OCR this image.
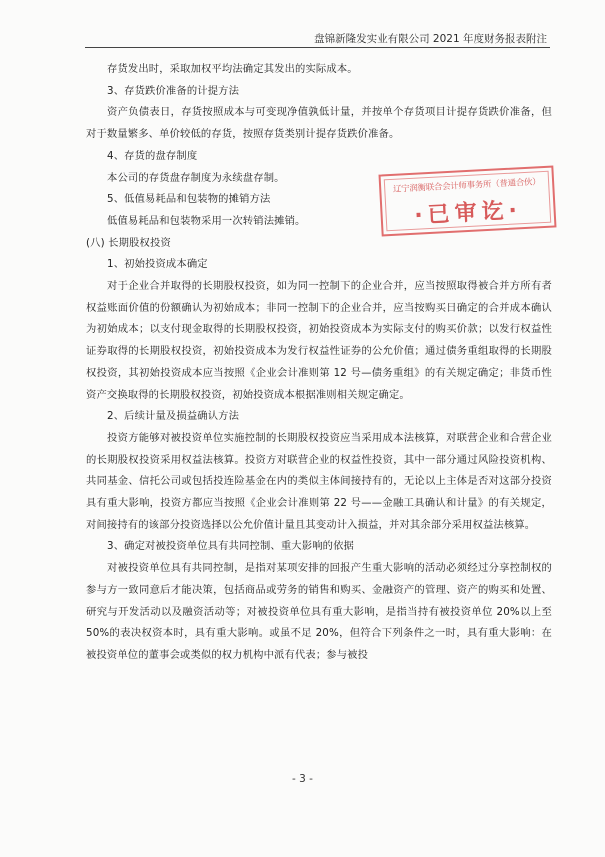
盘锦新隆发实业有限公司 2021 年度财务报表附注

存货发出时，采取加权平均法确定其发出的实际成本。

3、存货跌价准备的计提方法

资产负债表日，存货按照成本与可变现净值孰低计量，并按单个存货项目计提存货跌价准备，但对于数量繁多、单价较低的存货，按照存货类别计提存货跌价准备。

4、存货的盘存制度

本公司的存货盘存制度为永续盘存制。

5、低值易耗品和包装物的摊销方法

低值易耗品和包装物采用一次转销法摊销。

(八) 长期股权投资

1、初始投资成本确定

对于企业合并取得的长期股权投资，如为同一控制下的企业合并，应当按照取得被合并方所有者权益账面价值的份额确认为初始成本；非同一控制下的企业合并，应当按购买日确定的合并成本确认为初始成本；以支付现金取得的长期股权投资，初始投资成本为实际支付的购买价款；以发行权益性证券取得的长期股权投资，初始投资成本为发行权益性证券的公允价值；通过债务重组取得的长期股权投资，其初始投资成本应当按照《企业会计准则第 12 号—债务重组》的有关规定确定；非货币性资产交换取得的长期股权投资，初始投资成本根据准则相关规定确定。

2、后续计量及损益确认方法

投资方能够对被投资单位实施控制的长期股权投资应当采用成本法核算，对联营企业和合营企业的长期股权投资采用权益法核算。投资方对联营企业的权益性投资，其中一部分通过风险投资机构、共同基金、信托公司或包括投连险基金在内的类似主体间接持有的，无论以上主体是否对这部分投资具有重大影响，投资方都应当按照《企业会计准则第 22 号——金融工具确认和计量》的有关规定，对间接持有的该部分投资选择以公允价值计量且其变动计入损益，并对其余部分采用权益法核算。

3、确定对被投资单位具有共同控制、重大影响的依据

对被投资单位具有共同控制，是指对某项安排的回报产生重大影响的活动必须经过分享控制权的参与方一致同意后才能决策，包括商品或劳务的销售和购买、金融资产的管理、资产的购买和处置、研究与开发活动以及融资活动等；对被投资单位具有重大影响，是指当持有被投资单位 20%以上至 50%的表决权资本时，具有重大影响。或虽不足 20%，但符合下列条件之一时，具有重大影响：在被投资单位的董事会或类似的权力机构中派有代表；参与被投

辽宁润衡联合会计师事务所（普通合伙）
·已审讫·
- 3 -
